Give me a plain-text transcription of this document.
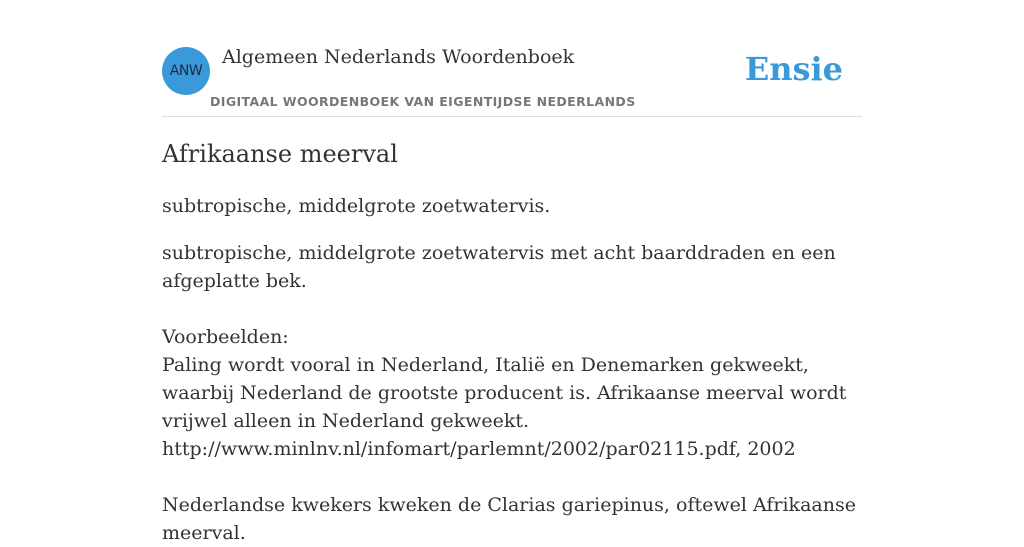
ANW
Algemeen Nederlands Woordenboek
DIGITAAL WOORDENBOEK VAN EIGENTIJDSE NEDERLANDS
Ensie
Afrikaanse meerval
subtropische, middelgrote zoetwatervis.
subtropische, middelgrote zoetwatervis met acht baarddraden en een afgeplatte bek.

Voorbeelden:

Paling wordt vooral in Nederland, Italië en Denemarken gekweekt, waarbij Nederland de grootste producent is. Afrikaanse meerval wordt vrijwel alleen in Nederland gekweekt.

http://www.minlnv.nl/infomart/parlemnt/2002/par02115.pdf, 2002

Nederlandse kwekers kweken de Clarias gariepinus, oftewel Afrikaanse meerval.
